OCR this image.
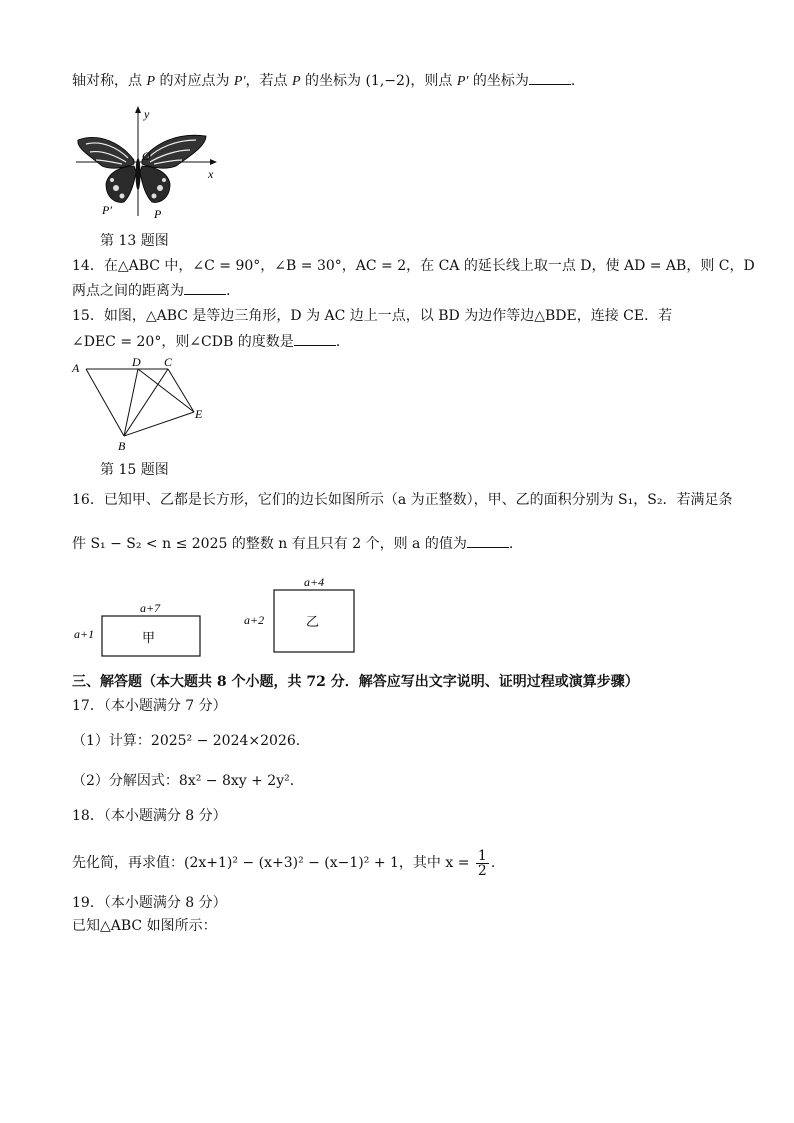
轴对称，点 P 的对应点为 P′，若点 P 的坐标为 (1,−2)，则点 P′ 的坐标为	.
y
x
O
P′	P
第 13 题图
14．在△ABC 中，∠C = 90°，∠B = 30°，AC = 2，在 CA 的延长线上取一点 D，使 AD = AB，则 C，D
两点之间的距离为	.
15．如图，△ABC 是等边三角形，D 为 AC 边上一点，以 BD 为边作等边△BDE，连接 CE．若
∠DEC = 20°，则∠CDB 的度数是	.
A	D C
E
B
第 15 题图
16．已知甲、乙都是长方形，它们的边长如图所示（a 为正整数），甲、乙的面积分别为 S₁，S₂．若满足条
件 S₁ − S₂ < n ≤ 2025 的整数 n 有且只有 2 个，则 a 的值为	.
a+7
a+1	甲
a+4
a+2	乙
三、解答题（本大题共 8 个小题，共 72 分．解答应写出文字说明、证明过程或演算步骤）
17．（本小题满分 7 分）
（1）计算：2025² − 2024×2026．
（2）分解因式：8x² − 8xy + 2y²．
18．（本小题满分 8 分）
先化简，再求值：(2x+1)² − (x+3)² − (x−1)² + 1，其中 $x = \frac{1}{2}$ .
19．（本小题满分 8 分）
已知△ABC 如图所示：
